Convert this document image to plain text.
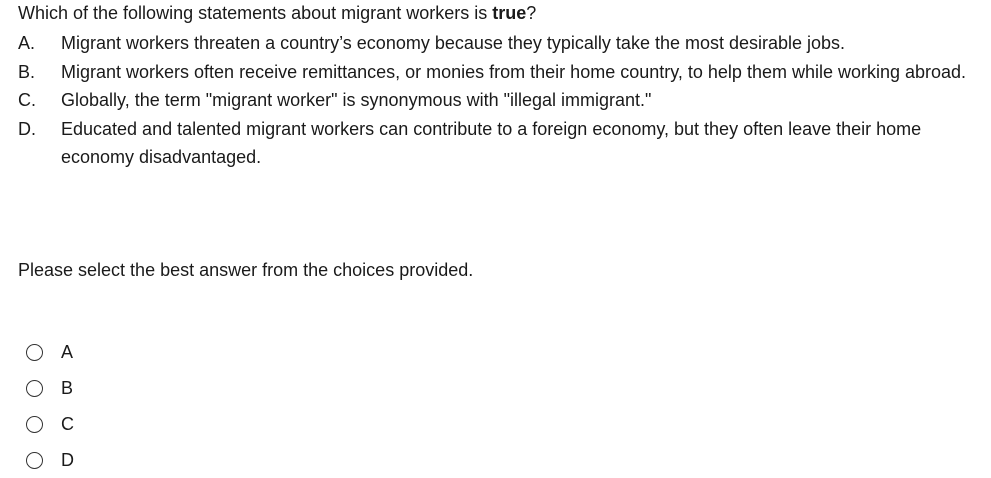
Which of the following statements about migrant workers is true?
A.	Migrant workers threaten a country’s economy because they typically take the most desirable jobs.
B.	Migrant workers often receive remittances, or monies from their home country, to help them while working abroad.
C.	Globally, the term "migrant worker" is synonymous with "illegal immigrant."
D.	Educated and talented migrant workers can contribute to a foreign economy, but they often leave their home economy disadvantaged.
Please select the best answer from the choices provided.
A
B
C
D
